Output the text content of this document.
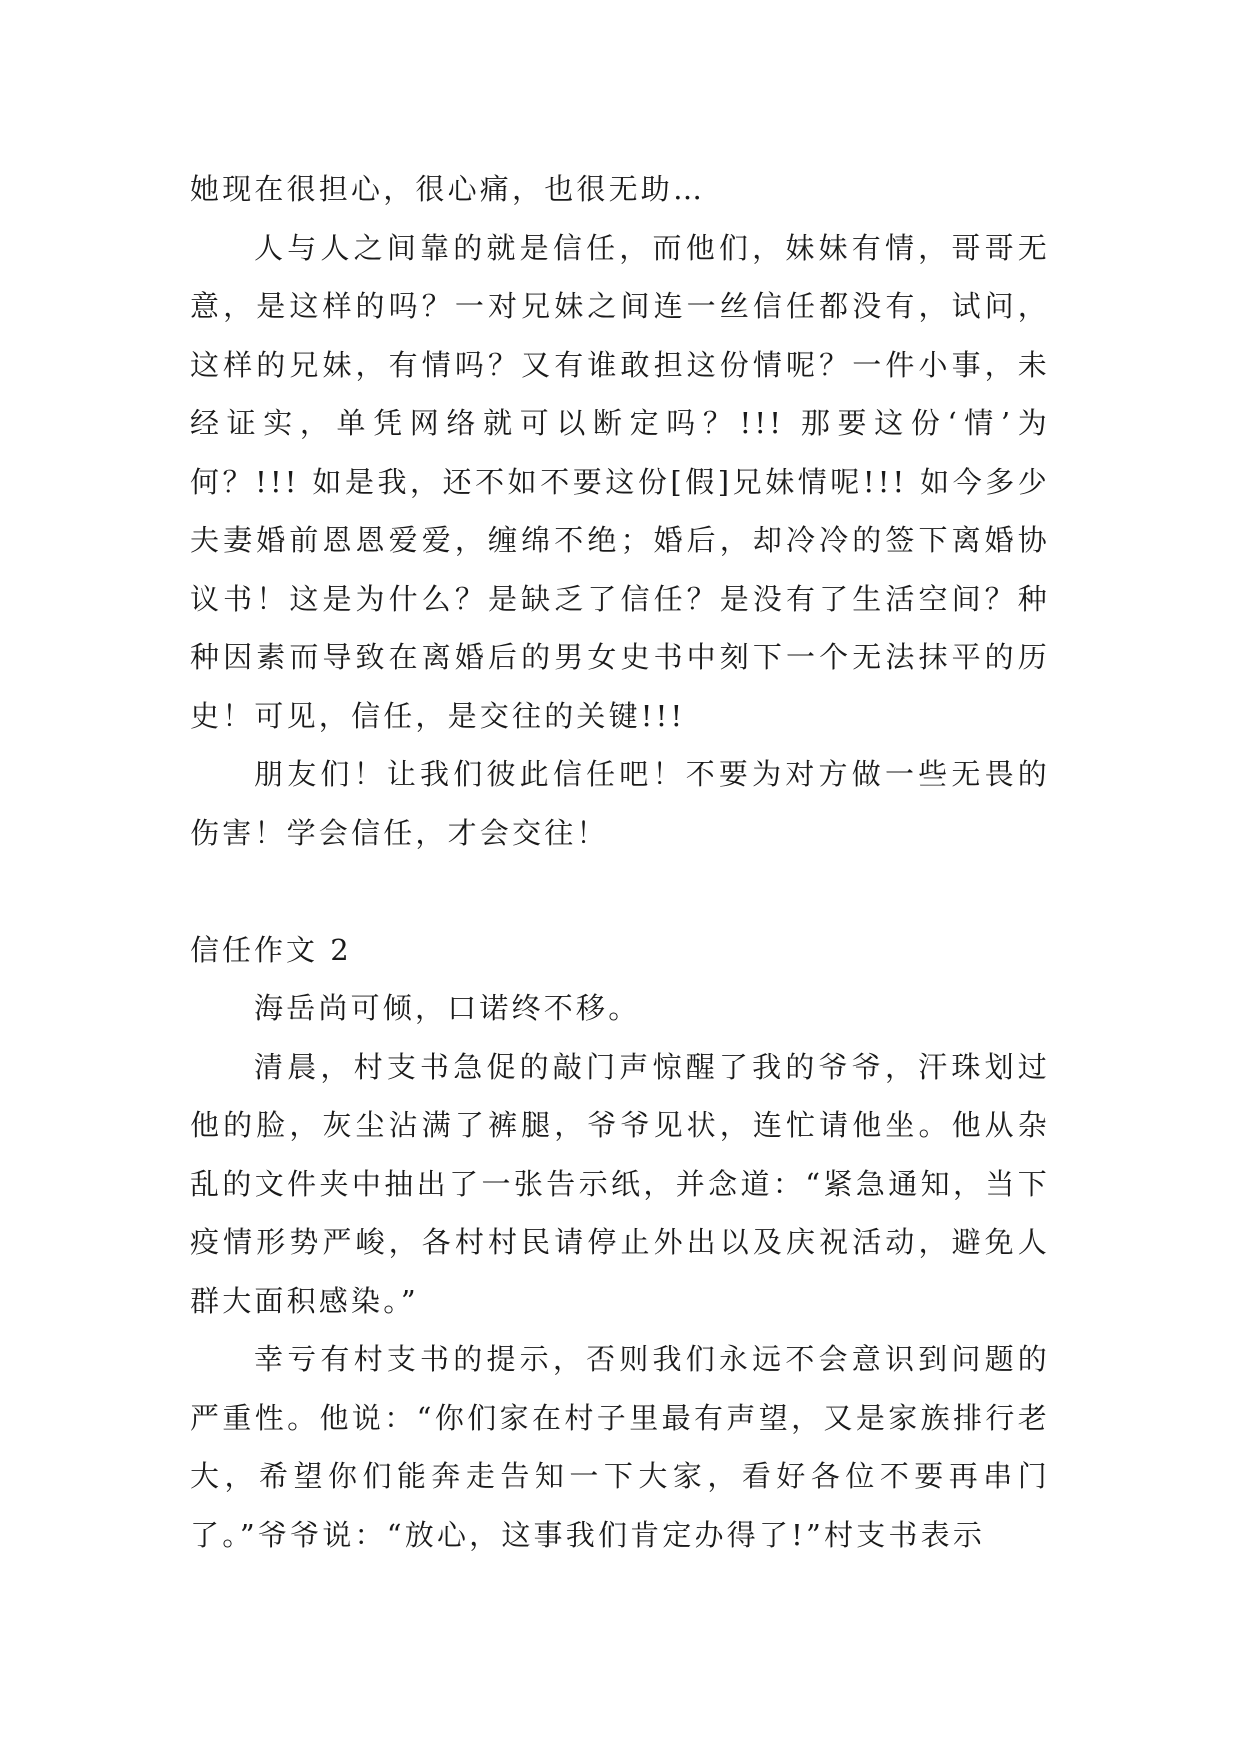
她现在很担心，很心痛，也很无助…

人与人之间靠的就是信任，而他们，妹妹有情，哥哥无意，是这样的吗？一对兄妹之间连一丝信任都没有，试问，这样的兄妹，有情吗？又有谁敢担这份情呢？一件小事，未经证实，单凭网络就可以断定吗？!!! 那要这份‘情’为何？!!! 如是我，还不如不要这份[假]兄妹情呢!!! 如今多少夫妻婚前恩恩爱爱，缠绵不绝；婚后，却冷冷的签下离婚协议书！这是为什么？是缺乏了信任？是没有了生活空间？种种因素而导致在离婚后的男女史书中刻下一个无法抹平的历史！可见，信任，是交往的关键!!!

朋友们！让我们彼此信任吧！不要为对方做一些无畏的伤害！学会信任，才会交往！

信任作文 2

海岳尚可倾，口诺终不移。

清晨，村支书急促的敲门声惊醒了我的爷爷，汗珠划过他的脸，灰尘沾满了裤腿，爷爷见状，连忙请他坐。他从杂乱的文件夹中抽出了一张告示纸，并念道：“紧急通知，当下疫情形势严峻，各村村民请停止外出以及庆祝活动，避免人群大面积感染。”

幸亏有村支书的提示，否则我们永远不会意识到问题的严重性。他说：“你们家在村子里最有声望，又是家族排行老大，希望你们能奔走告知一下大家，看好各位不要再串门了。”爷爷说：“放心，这事我们肯定办得了!”村支书表示
